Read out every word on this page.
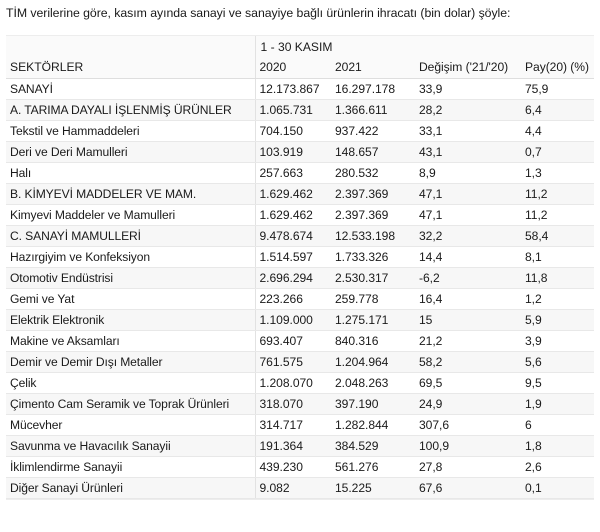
TİM verilerine göre, kasım ayında sanayi ve sanayiye bağlı ürünlerin ihracatı (bin dolar) şöyle:
	1 - 30 KASIM			
SEKTÖRLER	2020	2021	Değişim ('21/'20)	Pay(20) (%)
SANAYİ	12.173.867	16.297.178	33,9	75,9
A. TARIMA DAYALI İŞLENMİŞ ÜRÜNLER	1.065.731	1.366.611	28,2	6,4
Tekstil ve Hammaddeleri	704.150	937.422	33,1	4,4
Deri ve Deri Mamulleri	103.919	148.657	43,1	0,7
Halı	257.663	280.532	8,9	1,3
B. KİMYEVİ MADDELER VE MAM.	1.629.462	2.397.369	47,1	11,2
Kimyevi Maddeler ve Mamulleri	1.629.462	2.397.369	47,1	11,2
C. SANAYİ MAMULLERİ	9.478.674	12.533.198	32,2	58,4
Hazırgiyim ve Konfeksiyon	1.514.597	1.733.326	14,4	8,1
Otomotiv Endüstrisi	2.696.294	2.530.317	-6,2	11,8
Gemi ve Yat	223.266	259.778	16,4	1,2
Elektrik Elektronik	1.109.000	1.275.171	15	5,9
Makine ve Aksamları	693.407	840.316	21,2	3,9
Demir ve Demir Dışı Metaller	761.575	1.204.964	58,2	5,6
Çelik	1.208.070	2.048.263	69,5	9,5
Çimento Cam Seramik ve Toprak Ürünleri	318.070	397.190	24,9	1,9
Mücevher	314.717	1.282.844	307,6	6
Savunma ve Havacılık Sanayii	191.364	384.529	100,9	1,8
İklimlendirme Sanayii	439.230	561.276	27,8	2,6
Diğer Sanayi Ürünleri	9.082	15.225	67,6	0,1
